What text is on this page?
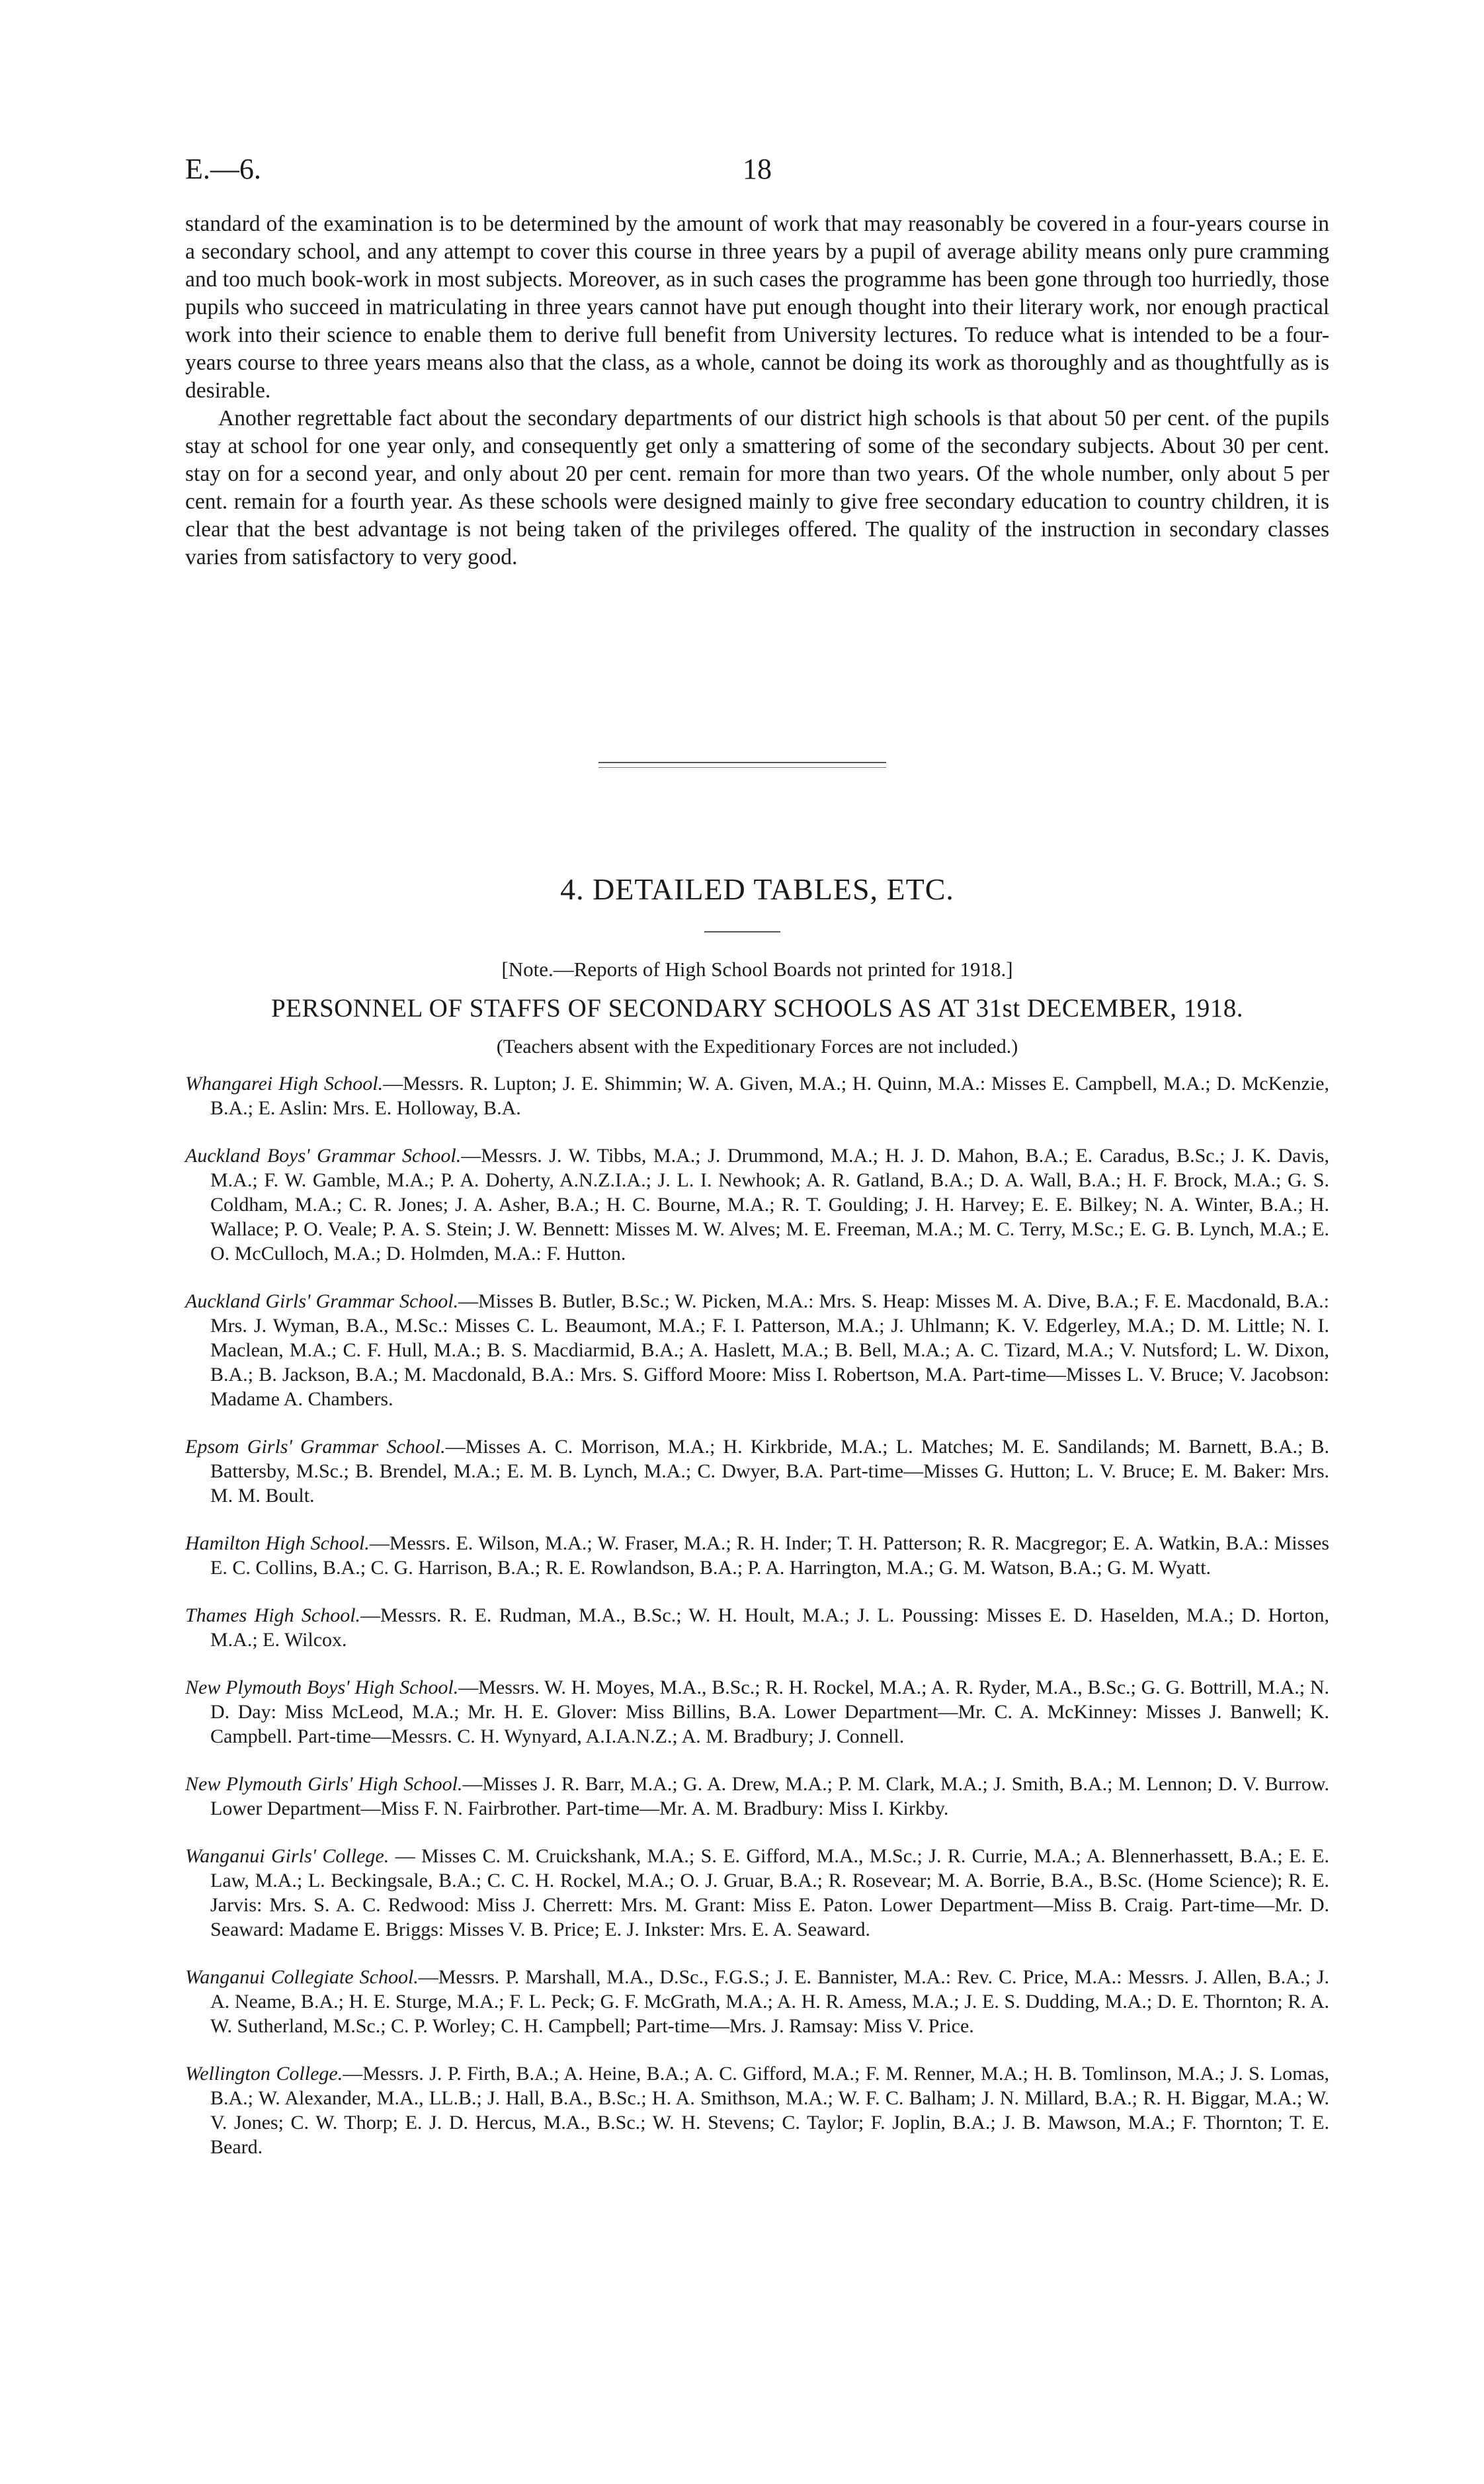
E.—6.	18

standard of the examination is to be determined by the amount of work that may reasonably be covered in a four-years course in a secondary school, and any attempt to cover this course in three years by a pupil of average ability means only pure cramming and too much book-work in most subjects. Moreover, as in such cases the programme has been gone through too hurriedly, those pupils who succeed in matriculating in three years cannot have put enough thought into their literary work, nor enough practical work into their science to enable them to derive full benefit from University lectures. To reduce what is intended to be a four-years course to three years means also that the class, as a whole, cannot be doing its work as thoroughly and as thoughtfully as is desirable.

Another regrettable fact about the secondary departments of our district high schools is that about 50 per cent. of the pupils stay at school for one year only, and consequently get only a smattering of some of the secondary subjects. About 30 per cent. stay on for a second year, and only about 20 per cent. remain for more than two years. Of the whole number, only about 5 per cent. remain for a fourth year. As these schools were designed mainly to give free secondary education to country children, it is clear that the best advantage is not being taken of the privileges offered. The quality of the instruction in secondary classes varies from satisfactory to very good.

4. DETAILED TABLES, ETC.
[Note.—Reports of High School Boards not printed for 1918.]
PERSONNEL OF STAFFS OF SECONDARY SCHOOLS AS AT 31st DECEMBER, 1918.
(Teachers absent with the Expeditionary Forces are not included.)

Whangarei High School.—Messrs. R. Lupton; J. E. Shimmin; W. A. Given, M.A.; H. Quinn, M.A.: Misses E. Campbell, M.A.; D. McKenzie, B.A.; E. Aslin: Mrs. E. Holloway, B.A.

Auckland Boys' Grammar School.—Messrs. J. W. Tibbs, M.A.; J. Drummond, M.A.; H. J. D. Mahon, B.A.; E. Caradus, B.Sc.; J. K. Davis, M.A.; F. W. Gamble, M.A.; P. A. Doherty, A.N.Z.I.A.; J. L. I. Newhook; A. R. Gatland, B.A.; D. A. Wall, B.A.; H. F. Brock, M.A.; G. S. Coldham, M.A.; C. R. Jones; J. A. Asher, B.A.; H. C. Bourne, M.A.; R. T. Goulding; J. H. Harvey; E. E. Bilkey; N. A. Winter, B.A.; H. Wallace; P. O. Veale; P. A. S. Stein; J. W. Bennett: Misses M. W. Alves; M. E. Freeman, M.A.; M. C. Terry, M.Sc.; E. G. B. Lynch, M.A.; E. O. McCulloch, M.A.; D. Holmden, M.A.: F. Hutton.

Auckland Girls' Grammar School.—Misses B. Butler, B.Sc.; W. Picken, M.A.: Mrs. S. Heap: Misses M. A. Dive, B.A.; F. E. Macdonald, B.A.: Mrs. J. Wyman, B.A., M.Sc.: Misses C. L. Beaumont, M.A.; F. I. Patterson, M.A.; J. Uhlmann; K. V. Edgerley, M.A.; D. M. Little; N. I. Maclean, M.A.; C. F. Hull, M.A.; B. S. Macdiarmid, B.A.; A. Haslett, M.A.; B. Bell, M.A.; A. C. Tizard, M.A.; V. Nutsford; L. W. Dixon, B.A.; B. Jackson, B.A.; M. Macdonald, B.A.: Mrs. S. Gifford Moore: Miss I. Robertson, M.A. Part-time—Misses L. V. Bruce; V. Jacobson: Madame A. Chambers.

Epsom Girls' Grammar School.—Misses A. C. Morrison, M.A.; H. Kirkbride, M.A.; L. Matches; M. E. Sandilands; M. Barnett, B.A.; B. Battersby, M.Sc.; B. Brendel, M.A.; E. M. B. Lynch, M.A.; C. Dwyer, B.A. Part-time—Misses G. Hutton; L. V. Bruce; E. M. Baker: Mrs. M. M. Boult.

Hamilton High School.—Messrs. E. Wilson, M.A.; W. Fraser, M.A.; R. H. Inder; T. H. Patterson; R. R. Macgregor; E. A. Watkin, B.A.: Misses E. C. Collins, B.A.; C. G. Harrison, B.A.; R. E. Rowlandson, B.A.; P. A. Harrington, M.A.; G. M. Watson, B.A.; G. M. Wyatt.

Thames High School.—Messrs. R. E. Rudman, M.A., B.Sc.; W. H. Hoult, M.A.; J. L. Poussing: Misses E. D. Haselden, M.A.; D. Horton, M.A.; E. Wilcox.

New Plymouth Boys' High School.—Messrs. W. H. Moyes, M.A., B.Sc.; R. H. Rockel, M.A.; A. R. Ryder, M.A., B.Sc.; G. G. Bottrill, M.A.; N. D. Day: Miss McLeod, M.A.; Mr. H. E. Glover: Miss Billins, B.A. Lower Department—Mr. C. A. McKinney: Misses J. Banwell; K. Campbell. Part-time—Messrs. C. H. Wynyard, A.I.A.N.Z.; A. M. Bradbury; J. Connell.

New Plymouth Girls' High School.—Misses J. R. Barr, M.A.; G. A. Drew, M.A.; P. M. Clark, M.A.; J. Smith, B.A.; M. Lennon; D. V. Burrow. Lower Department—Miss F. N. Fairbrother. Part-time—Mr. A. M. Bradbury: Miss I. Kirkby.

Wanganui Girls' College. — Misses C. M. Cruickshank, M.A.; S. E. Gifford, M.A., M.Sc.; J. R. Currie, M.A.; A. Blennerhassett, B.A.; E. E. Law, M.A.; L. Beckingsale, B.A.; C. C. H. Rockel, M.A.; O. J. Gruar, B.A.; R. Rosevear; M. A. Borrie, B.A., B.Sc. (Home Science); R. E. Jarvis: Mrs. S. A. C. Redwood: Miss J. Cherrett: Mrs. M. Grant: Miss E. Paton. Lower Department—Miss B. Craig. Part-time—Mr. D. Seaward: Madame E. Briggs: Misses V. B. Price; E. J. Inkster: Mrs. E. A. Seaward.

Wanganui Collegiate School.—Messrs. P. Marshall, M.A., D.Sc., F.G.S.; J. E. Bannister, M.A.: Rev. C. Price, M.A.: Messrs. J. Allen, B.A.; J. A. Neame, B.A.; H. E. Sturge, M.A.; F. L. Peck; G. F. McGrath, M.A.; A. H. R. Amess, M.A.; J. E. S. Dudding, M.A.; D. E. Thornton; R. A. W. Sutherland, M.Sc.; C. P. Worley; C. H. Campbell; Part-time—Mrs. J. Ramsay: Miss V. Price.

Wellington College.—Messrs. J. P. Firth, B.A.; A. Heine, B.A.; A. C. Gifford, M.A.; F. M. Renner, M.A.; H. B. Tomlinson, M.A.; J. S. Lomas, B.A.; W. Alexander, M.A., LL.B.; J. Hall, B.A., B.Sc.; H. A. Smithson, M.A.; W. F. C. Balham; J. N. Millard, B.A.; R. H. Biggar, M.A.; W. V. Jones; C. W. Thorp; E. J. D. Hercus, M.A., B.Sc.; W. H. Stevens; C. Taylor; F. Joplin, B.A.; J. B. Mawson, M.A.; F. Thornton; T. E. Beard.
